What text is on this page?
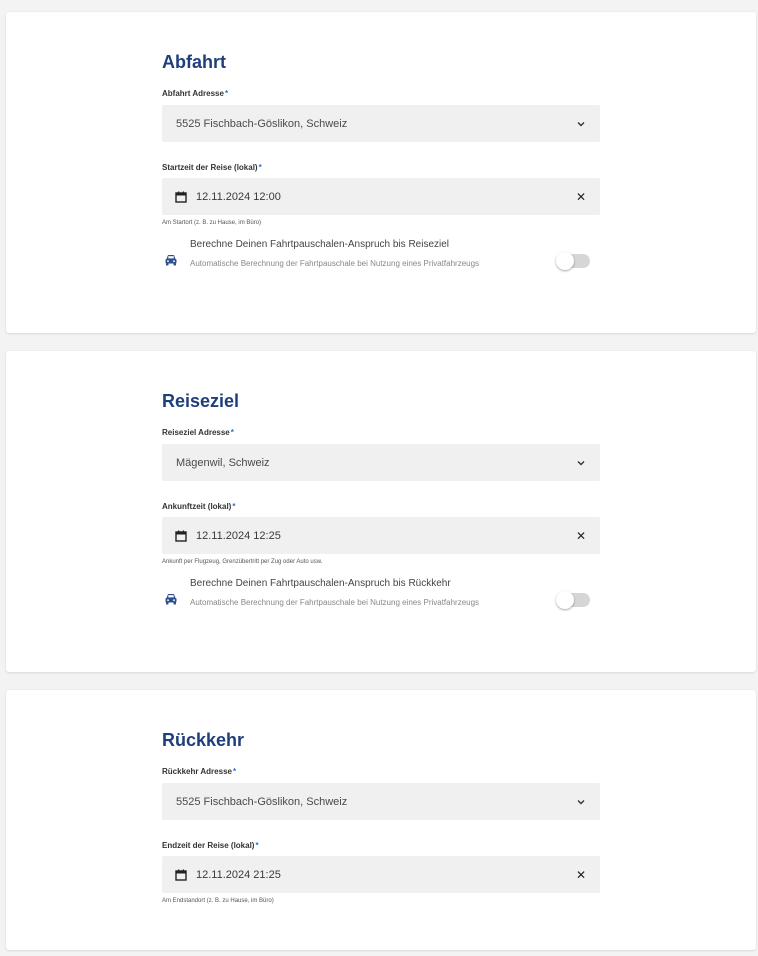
Abfahrt
Abfahrt Adresse*
5525 Fischbach-Göslikon, Schweiz
Startzeit der Reise (lokal)*
12.11.2024 12:00	✕
Am Startort (z. B. zu Hause, im Büro)
Berechne Deinen Fahrtpauschalen-Anspruch bis Reiseziel
Automatische Berechnung der Fahrtpauschale bei Nutzung eines Privatfahrzeugs
Reiseziel
Reiseziel Adresse*
Mägenwil, Schweiz
Ankunftzeit (lokal)*
12.11.2024 12:25	✕
Ankunft per Flugzeug, Grenzübertritt per Zug oder Auto usw.
Berechne Deinen Fahrtpauschalen-Anspruch bis Rückkehr
Automatische Berechnung der Fahrtpauschale bei Nutzung eines Privatfahrzeugs
Rückkehr
Rückkehr Adresse*
5525 Fischbach-Göslikon, Schweiz
Endzeit der Reise (lokal)*
12.11.2024 21:25	✕
Am Endstandort (z. B. zu Hause, im Büro)
